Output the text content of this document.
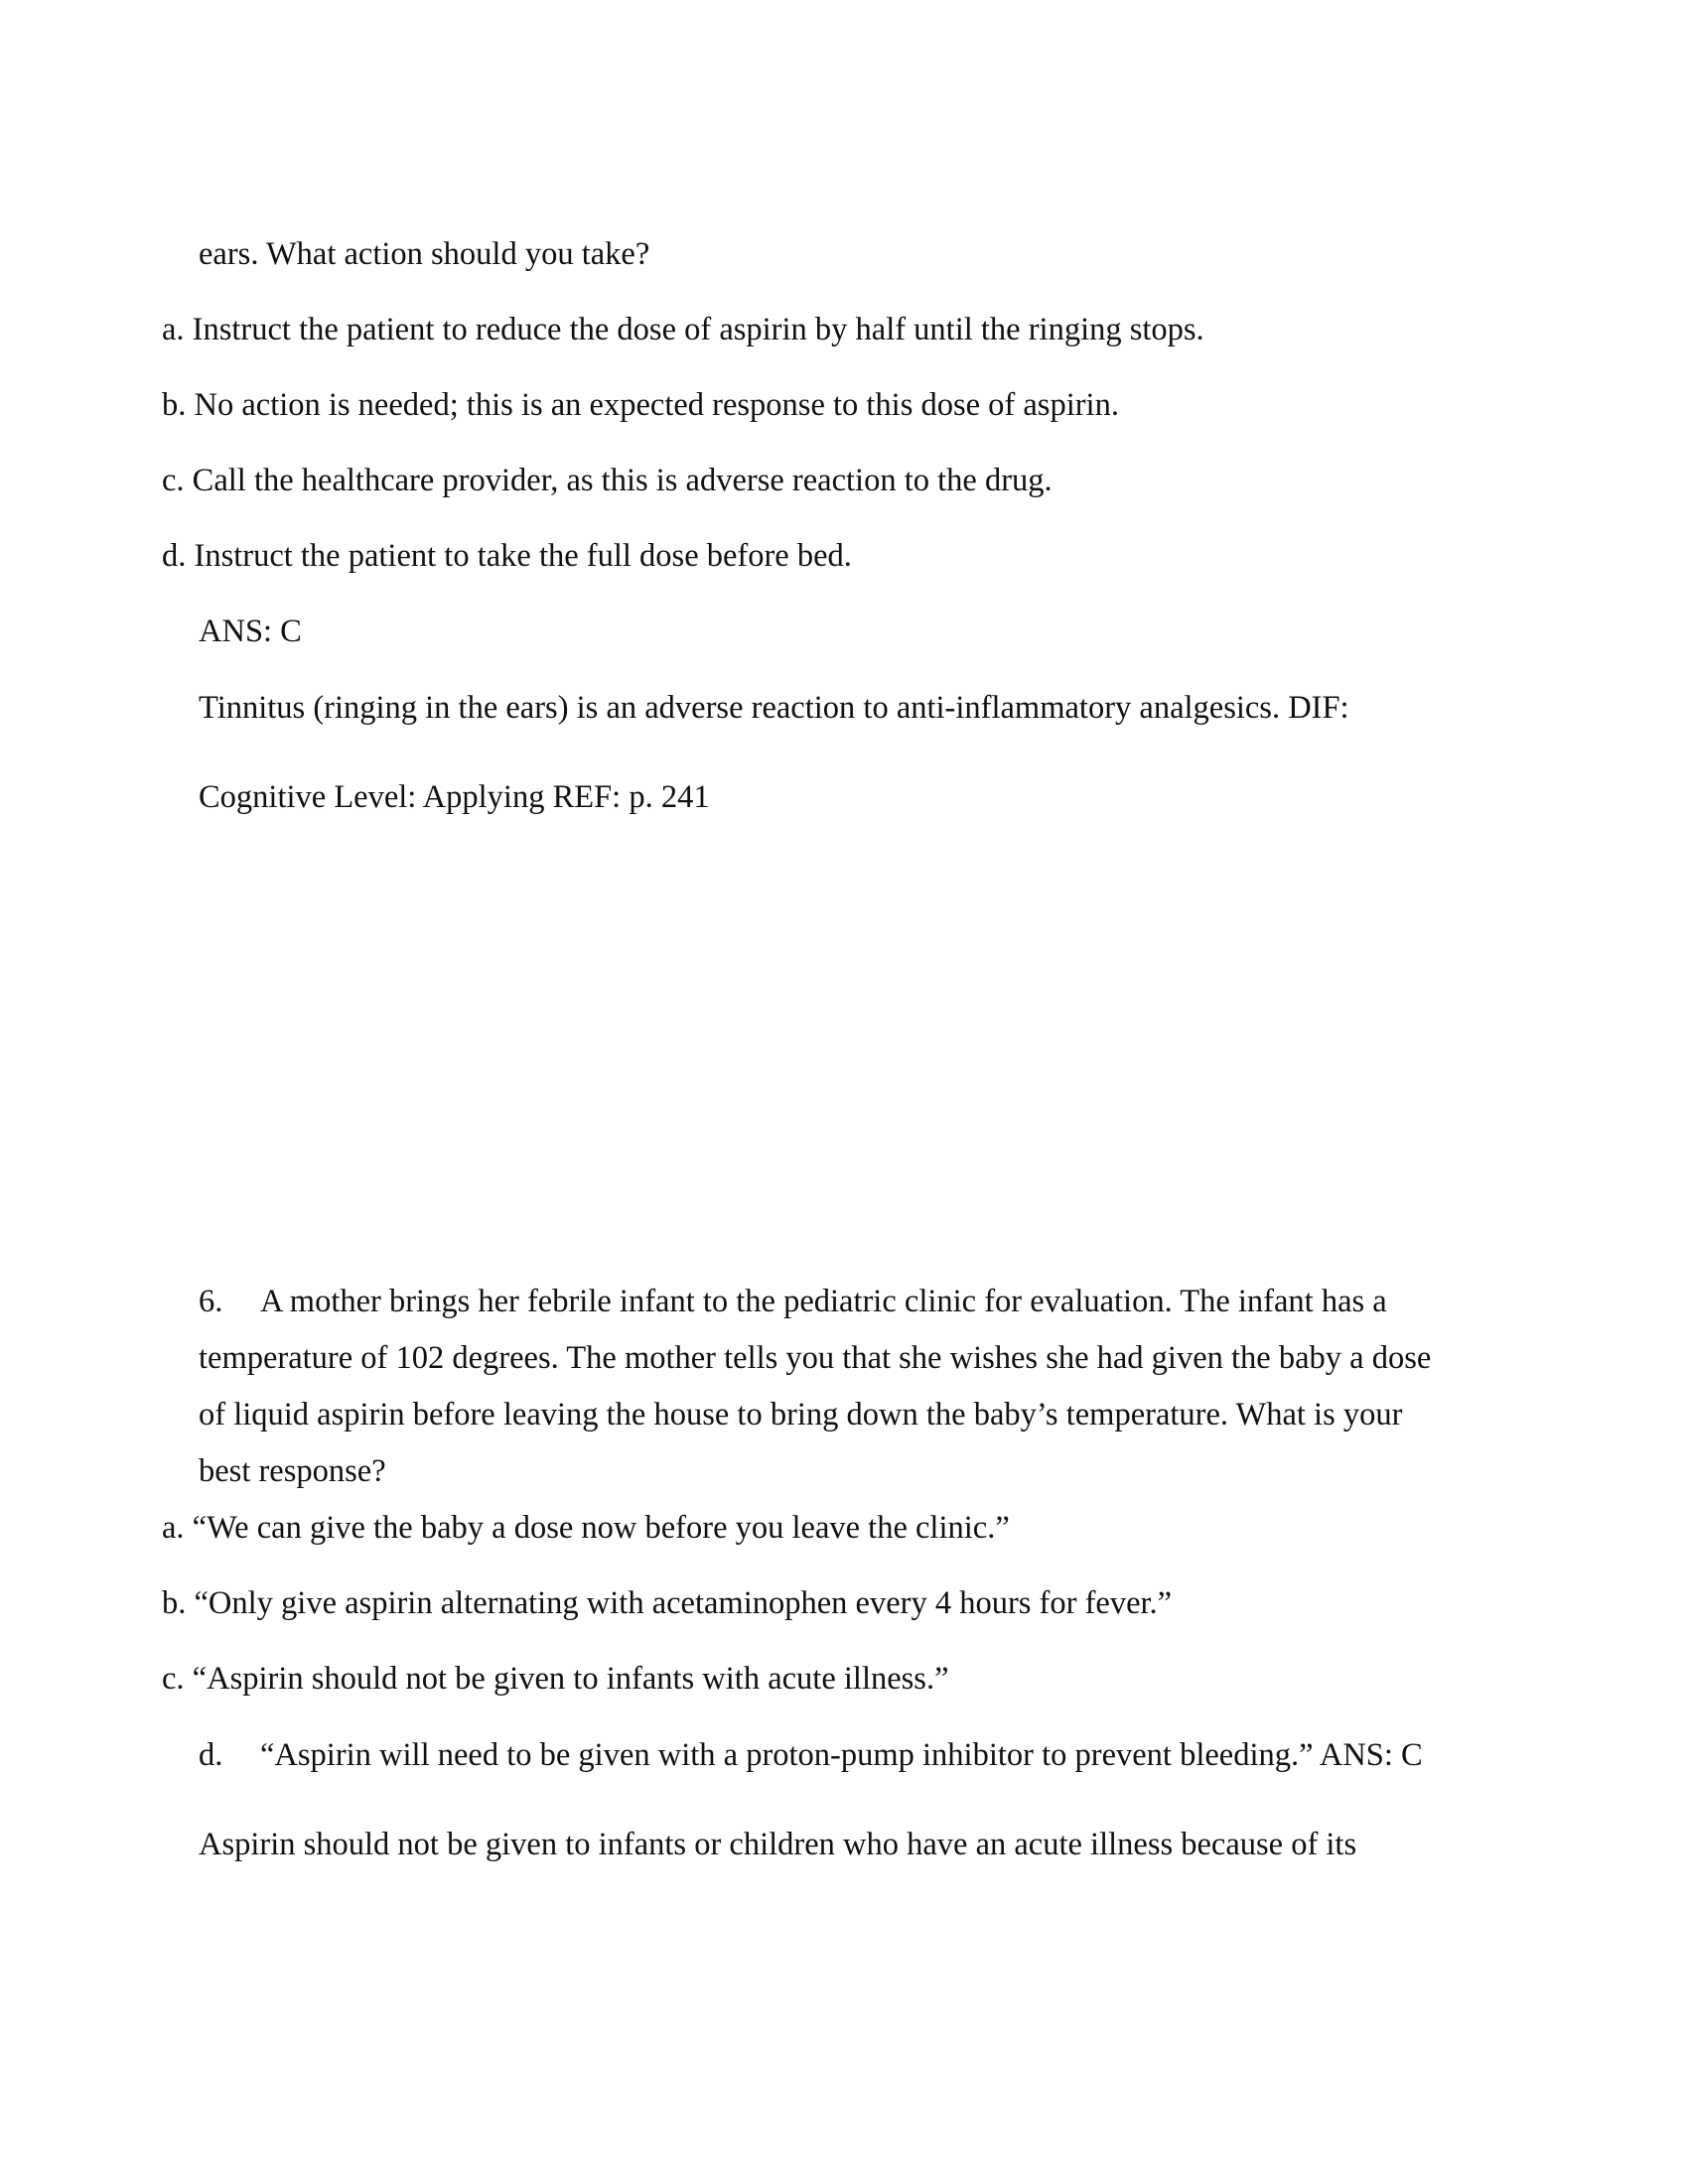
ears. What action should you take?
a. Instruct the patient to reduce the dose of aspirin by half until the ringing stops.
b. No action is needed; this is an expected response to this dose of aspirin.
c. Call the healthcare provider, as this is adverse reaction to the drug.
d. Instruct the patient to take the full dose before bed.
ANS: C
Tinnitus (ringing in the ears) is an adverse reaction to anti-inflammatory analgesics. DIF:
Cognitive Level: Applying REF: p. 241
6. A mother brings her febrile infant to the pediatric clinic for evaluation. The infant has a
temperature of 102 degrees. The mother tells you that she wishes she had given the baby a dose
of liquid aspirin before leaving the house to bring down the baby’s temperature. What is your
best response?
a. “We can give the baby a dose now before you leave the clinic.”
b. “Only give aspirin alternating with acetaminophen every 4 hours for fever.”
c. “Aspirin should not be given to infants with acute illness.”
d. “Aspirin will need to be given with a proton-pump inhibitor to prevent bleeding.” ANS: C
Aspirin should not be given to infants or children who have an acute illness because of its
